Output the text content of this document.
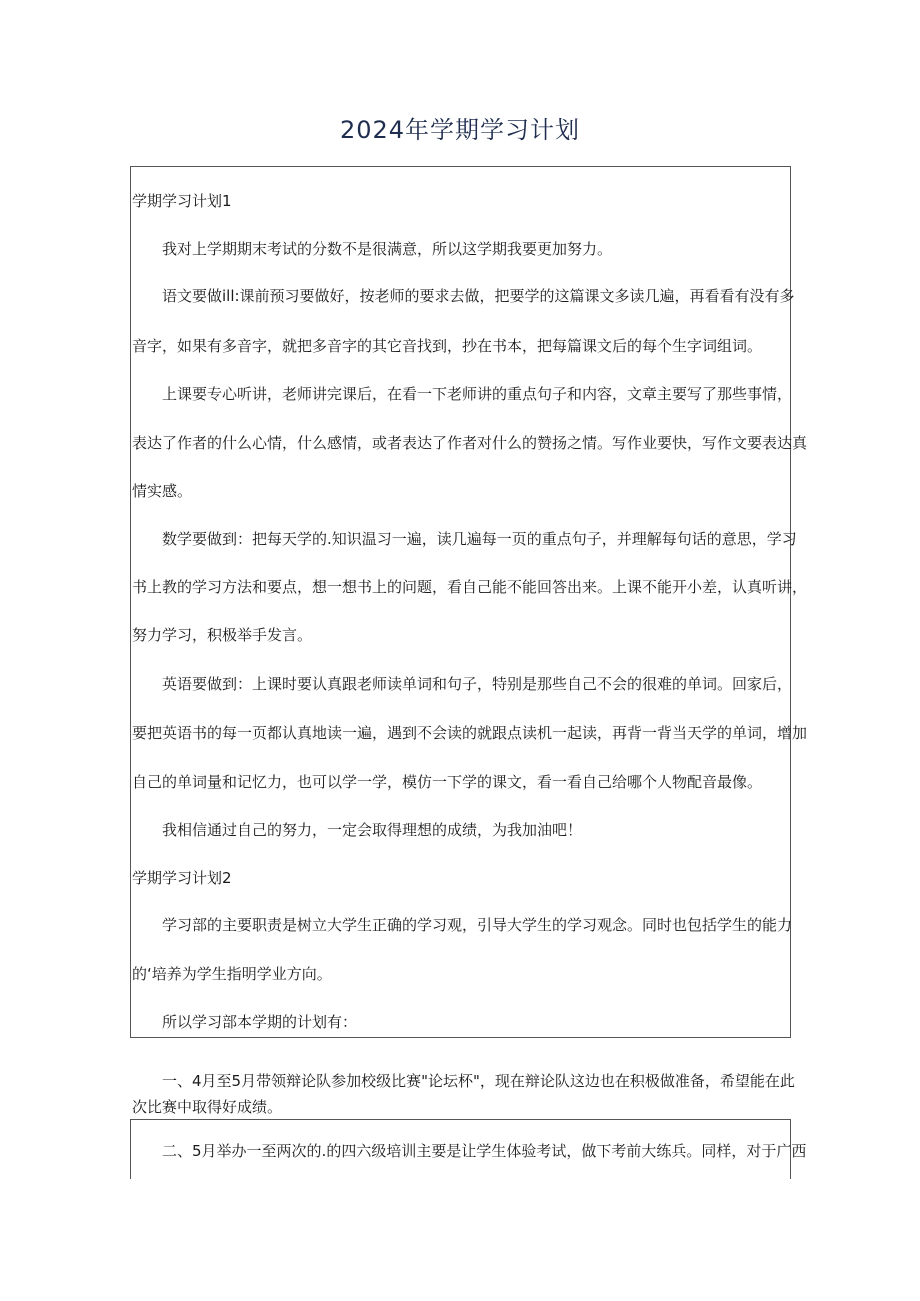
2024年学期学习计划
学期学习计划1
我对上学期期末考试的分数不是很满意，所以这学期我要更加努力。
语文要做ill:课前预习要做好，按老师的要求去做，把要学的这篇课文多读几遍，再看看有没有多
音字，如果有多音字，就把多音字的其它音找到，抄在书本，把每篇课文后的每个生字词组词。
上课要专心听讲，老师讲完课后，在看一下老师讲的重点句子和内容，文章主要写了那些事情，
表达了作者的什么心情，什么感情，或者表达了作者对什么的赞扬之情。写作业要快，写作文要表达真
情实感。
数学要做到：把每天学的.知识温习一遍，读几遍每一页的重点句子，并理解每句话的意思，学习
书上教的学习方法和要点，想一想书上的问题，看自己能不能回答出来。上课不能开小差，认真听讲，
努力学习，积极举手发言。
英语要做到：上课时要认真跟老师读单词和句子，特别是那些自己不会的很难的单词。回家后，
要把英语书的每一页都认真地读一遍，遇到不会读的就跟点读机一起读，再背一背当天学的单词，增加
自己的单词量和记忆力，也可以学一学，模仿一下学的课文，看一看自己给哪个人物配音最像。
我相信通过自己的努力，一定会取得理想的成绩，为我加油吧！
学期学习计划2
学习部的主要职责是树立大学生正确的学习观，引导大学生的学习观念。同时也包括学生的能力
的‘培养为学生指明学业方向。
所以学习部本学期的计划有：
一、4月至5月带领辩论队参加校级比赛"论坛杯"，现在辩论队这边也在积极做准备，希望能在此
次比赛中取得好成绩。
二、5月举办一至两次的.的四六级培训主要是让学生体验考试，做下考前大练兵。同样，对于广西
